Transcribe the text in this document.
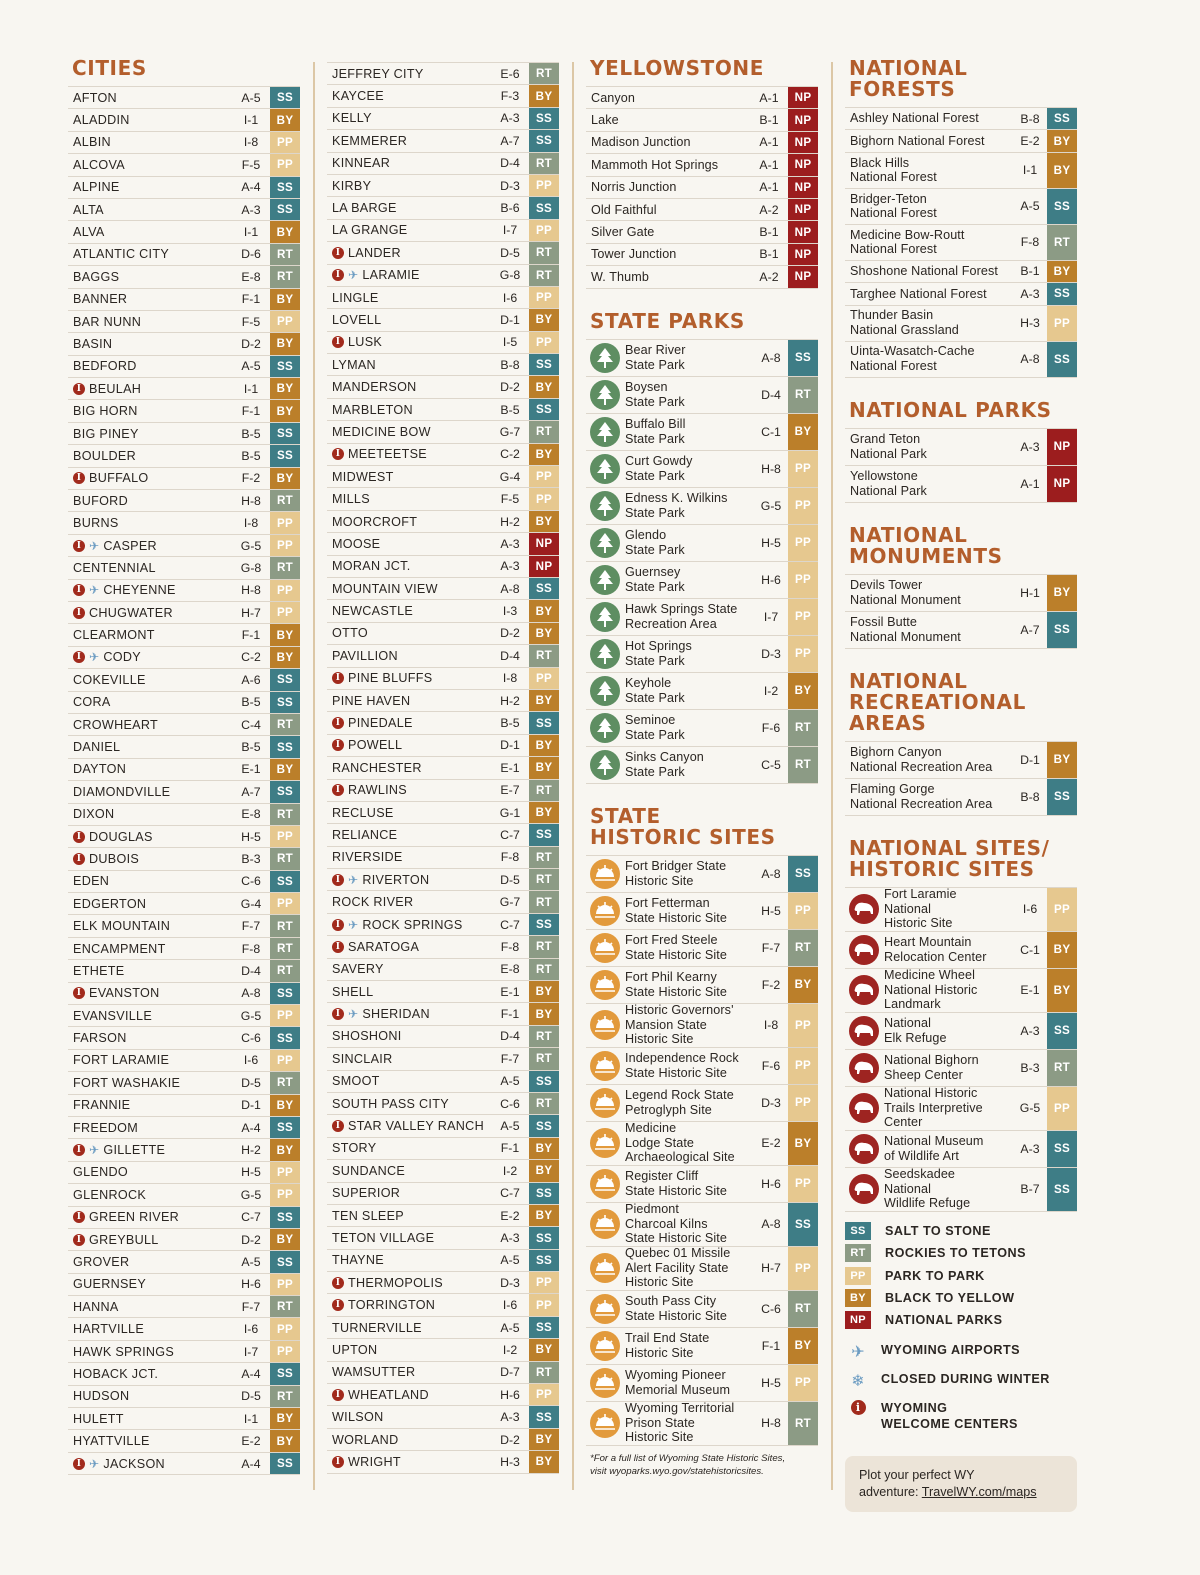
CITIES
AFTON	A-5	SS
ALADDIN	I-1	BY
ALBIN	I-8	PP
ALCOVA	F-5	PP
ALPINE	A-4	SS
ALTA	A-3	SS
ALVA	I-1	BY
ATLANTIC CITY	D-6	RT
BAGGS	E-8	RT
BANNER	F-1	BY
BAR NUNN	F-5	PP
BASIN	D-2	BY
BEDFORD	A-5	SS
I BEULAH	I-1	BY
BIG HORN	F-1	BY
BIG PINEY	B-5	SS
BOULDER	B-5	SS
I BUFFALO	F-2	BY
BUFORD	H-8	RT
BURNS	I-8	PP
I ✈ CASPER	G-5	PP
CENTENNIAL	G-8	RT
I ✈ CHEYENNE	H-8	PP
I CHUGWATER	H-7	PP
CLEARMONT	F-1	BY
I ✈ CODY	C-2	BY
COKEVILLE	A-6	SS
CORA	B-5	SS
CROWHEART	C-4	RT
DANIEL	B-5	SS
DAYTON	E-1	BY
DIAMONDVILLE	A-7	SS
DIXON	E-8	RT
I DOUGLAS	H-5	PP
I DUBOIS	B-3	RT
EDEN	C-6	SS
EDGERTON	G-4	PP
ELK MOUNTAIN	F-7	RT
ENCAMPMENT	F-8	RT
ETHETE	D-4	RT
I EVANSTON	A-8	SS
EVANSVILLE	G-5	PP
FARSON	C-6	SS
FORT LARAMIE	I-6	PP
FORT WASHAKIE	D-5	RT
FRANNIE	D-1	BY
FREEDOM	A-4	SS
I ✈ GILLETTE	H-2	BY
GLENDO	H-5	PP
GLENROCK	G-5	PP
I GREEN RIVER	C-7	SS
I GREYBULL	D-2	BY
GROVER	A-5	SS
GUERNSEY	H-6	PP
HANNA	F-7	RT
HARTVILLE	I-6	PP
HAWK SPRINGS	I-7	PP
HOBACK JCT.	A-4	SS
HUDSON	D-5	RT
HULETT	I-1	BY
HYATTVILLE	E-2	BY
I ✈ JACKSON	A-4	SS
JEFFREY CITY	E-6	RT
KAYCEE	F-3	BY
KELLY	A-3	SS
KEMMERER	A-7	SS
KINNEAR	D-4	RT
KIRBY	D-3	PP
LA BARGE	B-6	SS
LA GRANGE	I-7	PP
I LANDER	D-5	RT
I ✈ LARAMIE	G-8	RT
LINGLE	I-6	PP
LOVELL	D-1	BY
I LUSK	I-5	PP
LYMAN	B-8	SS
MANDERSON	D-2	BY
MARBLETON	B-5	SS
MEDICINE BOW	G-7	RT
I MEETEETSE	C-2	BY
MIDWEST	G-4	PP
MILLS	F-5	PP
MOORCROFT	H-2	BY
MOOSE	A-3	NP
MORAN JCT.	A-3	NP
MOUNTAIN VIEW	A-8	SS
NEWCASTLE	I-3	BY
OTTO	D-2	BY
PAVILLION	D-4	RT
I PINE BLUFFS	I-8	PP
PINE HAVEN	H-2	BY
I PINEDALE	B-5	SS
I POWELL	D-1	BY
RANCHESTER	E-1	BY
I RAWLINS	E-7	RT
RECLUSE	G-1	BY
RELIANCE	C-7	SS
RIVERSIDE	F-8	RT
I ✈ RIVERTON	D-5	RT
ROCK RIVER	G-7	RT
I ✈ ROCK SPRINGS	C-7	SS
I SARATOGA	F-8	RT
SAVERY	E-8	RT
SHELL	E-1	BY
I ✈ SHERIDAN	F-1	BY
SHOSHONI	D-4	RT
SINCLAIR	F-7	RT
SMOOT	A-5	SS
SOUTH PASS CITY	C-6	RT
I STAR VALLEY RANCH	A-5	SS
STORY	F-1	BY
SUNDANCE	I-2	BY
SUPERIOR	C-7	SS
TEN SLEEP	E-2	BY
TETON VILLAGE	A-3	SS
THAYNE	A-5	SS
I THERMOPOLIS	D-3	PP
I TORRINGTON	I-6	PP
TURNERVILLE	A-5	SS
UPTON	I-2	BY
WAMSUTTER	D-7	RT
I WHEATLAND	H-6	PP
WILSON	A-3	SS
WORLAND	D-2	BY
I WRIGHT	H-3	BY
YELLOWSTONE
Canyon	A-1	NP
Lake	B-1	NP
Madison Junction	A-1	NP
Mammoth Hot Springs	A-1	NP
Norris Junction	A-1	NP
Old Faithful	A-2	NP
Silver Gate	B-1	NP
Tower Junction	B-1	NP
W. Thumb	A-2	NP
STATE PARKS
Bear River
State Park	A-8	SS
Boysen
State Park	D-4	RT
Buffalo Bill
State Park	C-1	BY
Curt Gowdy
State Park	H-8	PP
Edness K. Wilkins
State Park	G-5	PP
Glendo
State Park	H-5	PP
Guernsey
State Park	H-6	PP
Hawk Springs State
Recreation Area	I-7	PP
Hot Springs
State Park	D-3	PP
Keyhole
State Park	I-2	BY
Seminoe
State Park	F-6	RT
Sinks Canyon
State Park	C-5	RT
STATE
HISTORIC SITES
Fort Bridger State
Historic Site	A-8	SS
Fort Fetterman
State Historic Site	H-5	PP
Fort Fred Steele
State Historic Site	F-7	RT
Fort Phil Kearny
State Historic Site	F-2	BY
Historic Governors'
Mansion State
Historic Site
I-8	PP
Independence Rock
State Historic Site	F-6	PP
Legend Rock State
Petroglyph Site	D-3	PP
Medicine
Lodge State
Archaeological Site
E-2	BY
Register Cliff
State Historic Site	H-6	PP
Piedmont
Charcoal Kilns
State Historic Site
A-8	SS
Quebec 01 Missile
Alert Facility State
Historic Site
H-7	PP
South Pass City
State Historic Site	C-6	RT
Trail End State
Historic Site	F-1	BY
Wyoming Pioneer
Memorial Museum	H-5	PP
Wyoming Territorial
Prison State
Historic Site
H-8	RT
*For a full list of Wyoming State Historic Sites,
visit wyoparks.wyo.gov/statehistoricsites.
NATIONAL FORESTS
Ashley National Forest	B-8	SS
Bighorn National Forest	E-2	BY
Black Hills
National Forest	I-1	BY
Bridger-Teton
National Forest	A-5	SS
Medicine Bow-Routt
National Forest	F-8	RT
Shoshone National Forest	B-1	BY
Targhee National Forest	A-3	SS
Thunder Basin
National Grassland	H-3	PP
Uinta-Wasatch-Cache
National Forest	A-8	SS
NATIONAL PARKS
Grand Teton
National Park	A-3	NP
Yellowstone
National Park	A-1	NP
NATIONAL
MONUMENTS
Devils Tower
National Monument	H-1	BY
Fossil Butte
National Monument	A-7	SS
NATIONAL
RECREATIONAL
AREAS
Bighorn Canyon
National Recreation Area	D-1	BY
Flaming Gorge
National Recreation Area	B-8	SS
NATIONAL SITES/
HISTORIC SITES
Fort Laramie
National
Historic Site
I-6	PP
Heart Mountain
Relocation Center	C-1	BY
Medicine Wheel
National Historic
Landmark
E-1	BY
National
Elk Refuge	A-3	SS
National Bighorn
Sheep Center	B-3	RT
National Historic
Trails Interpretive
Center
G-5	PP
National Museum
of Wildlife Art	A-3	SS
Seedskadee
National
Wildlife Refuge
B-7	SS
SS	SALT TO STONE
RT	ROCKIES TO TETONS
PP	PARK TO PARK
BY	BLACK TO YELLOW
NP	NATIONAL PARKS
✈	WYOMING AIRPORTS
❄	CLOSED DURING WINTER
i	WYOMING
WELCOME CENTERS
Plot your perfect WY
adventure: TravelWY.com/maps
